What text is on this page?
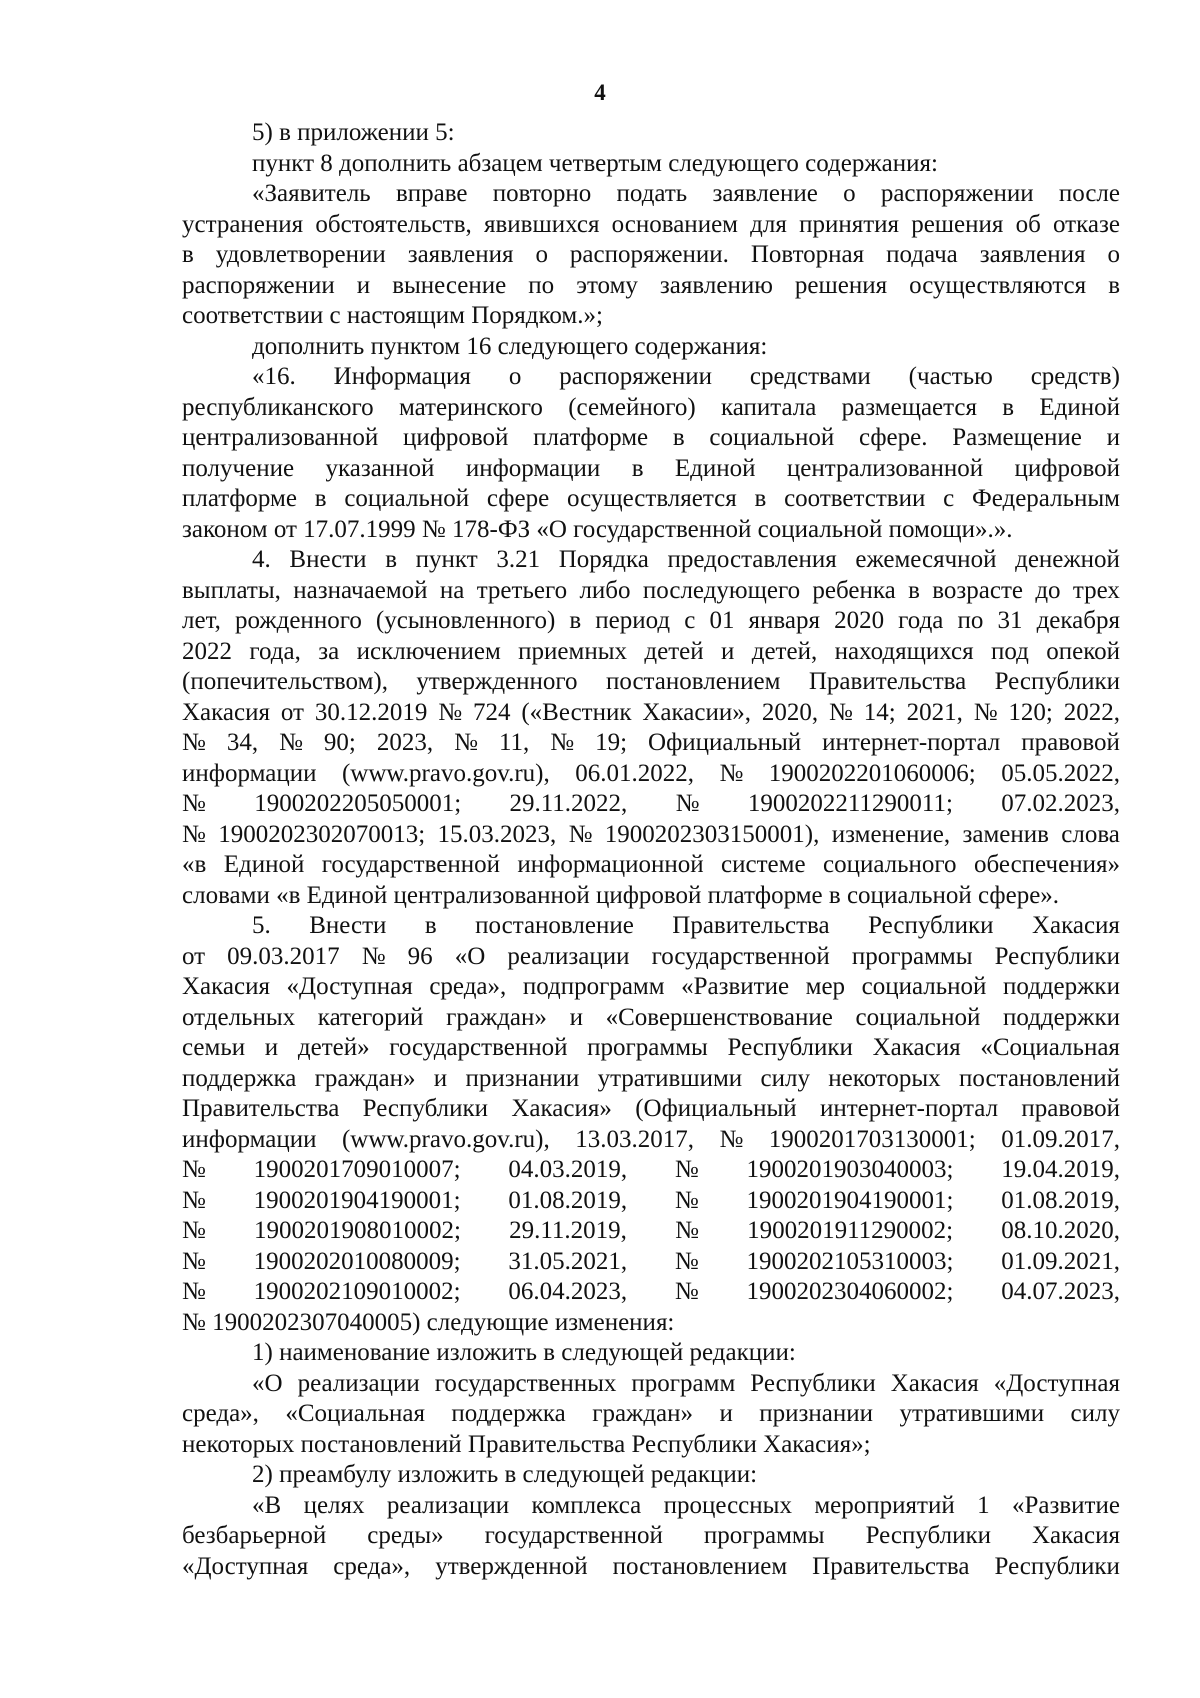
4
5) в приложении 5:
пункт 8 дополнить абзацем четвертым следующего содержания:
«Заявитель вправе повторно подать заявление о распоряжении после
устранения обстоятельств, явившихся основанием для принятия решения об отказе
в удовлетворении заявления о распоряжении. Повторная подача заявления о
распоряжении и вынесение по этому заявлению решения осуществляются в
соответствии с настоящим Порядком.»;
дополнить пунктом 16 следующего содержания:
«16. Информация о распоряжении средствами (частью средств)
республиканского материнского (семейного) капитала размещается в Единой
централизованной цифровой платформе в социальной сфере. Размещение и
получение указанной информации в Единой централизованной цифровой
платформе в социальной сфере осуществляется в соответствии с Федеральным
законом от 17.07.1999 № 178-ФЗ «О государственной социальной помощи».».
4. Внести в пункт 3.21 Порядка предоставления ежемесячной денежной
выплаты, назначаемой на третьего либо последующего ребенка в возрасте до трех
лет, рожденного (усыновленного) в период с 01 января 2020 года по 31 декабря
2022 года, за исключением приемных детей и детей, находящихся под опекой
(попечительством), утвержденного постановлением Правительства Республики
Хакасия от 30.12.2019 № 724 («Вестник Хакасии», 2020, № 14; 2021, № 120; 2022,
№ 34, № 90; 2023, № 11, № 19; Официальный интернет-портал правовой
информации (www.pravo.gov.ru), 06.01.2022, № 1900202201060006; 05.05.2022,
№ 1900202205050001; 29.11.2022, № 1900202211290011; 07.02.2023,
№ 1900202302070013; 15.03.2023, № 1900202303150001), изменение, заменив слова
«в Единой государственной информационной системе социального обеспечения»
словами «в Единой централизованной цифровой платформе в социальной сфере».
5. Внести в постановление Правительства Республики Хакасия
от 09.03.2017 № 96 «О реализации государственной программы Республики
Хакасия «Доступная среда», подпрограмм «Развитие мер социальной поддержки
отдельных категорий граждан» и «Совершенствование социальной поддержки
семьи и детей» государственной программы Республики Хакасия «Социальная
поддержка граждан» и признании утратившими силу некоторых постановлений
Правительства Республики Хакасия» (Официальный интернет-портал правовой
информации (www.pravo.gov.ru), 13.03.2017, № 1900201703130001; 01.09.2017,
№ 1900201709010007; 04.03.2019, № 1900201903040003; 19.04.2019,
№ 1900201904190001; 01.08.2019, № 1900201904190001; 01.08.2019,
№ 1900201908010002; 29.11.2019, № 1900201911290002; 08.10.2020,
№ 1900202010080009; 31.05.2021, № 1900202105310003; 01.09.2021,
№ 1900202109010002; 06.04.2023, № 1900202304060002; 04.07.2023,
№ 1900202307040005) следующие изменения:
1) наименование изложить в следующей редакции:
«О реализации государственных программ Республики Хакасия «Доступная
среда», «Социальная поддержка граждан» и признании утратившими силу
некоторых постановлений Правительства Республики Хакасия»;
2) преамбулу изложить в следующей редакции:
«В целях реализации комплекса процессных мероприятий 1 «Развитие
безбарьерной среды» государственной программы Республики Хакасия
«Доступная среда», утвержденной постановлением Правительства Республики
